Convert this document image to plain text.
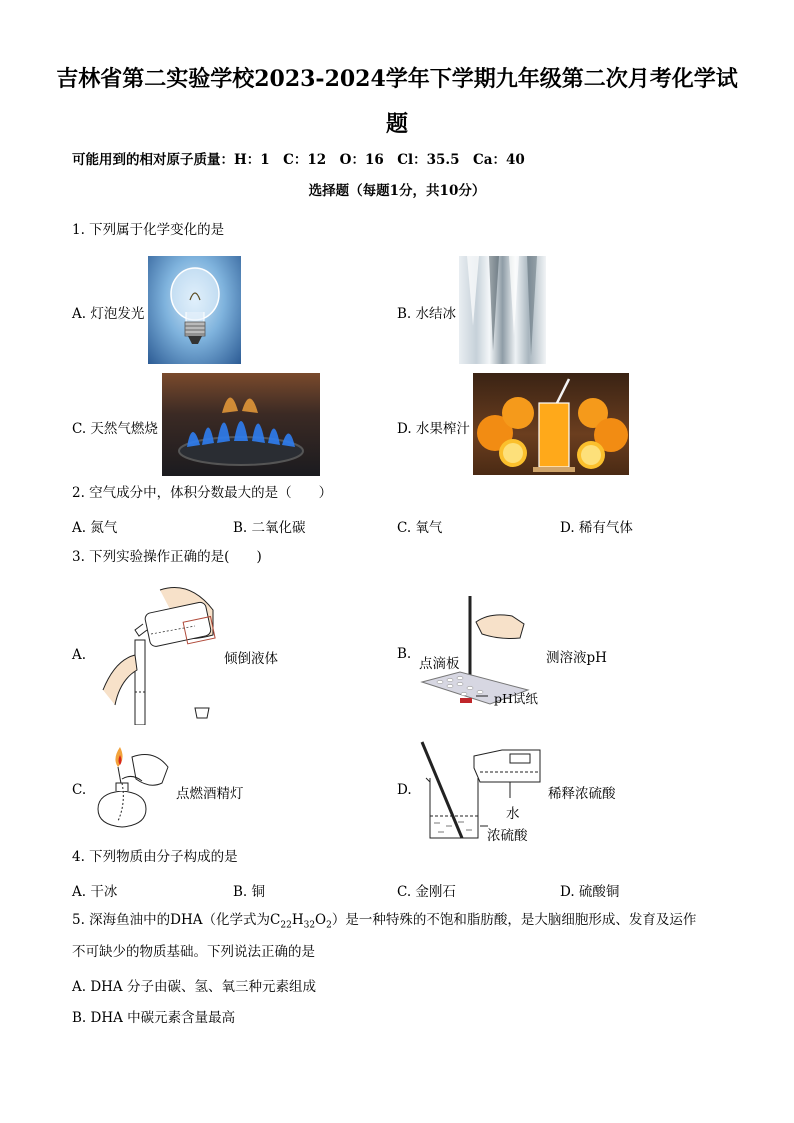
吉林省第二实验学校2023-2024学年下学期九年级第二次月考化学试
题
可能用到的相对原子质量：H：1　C：12　O：16　Cl：35.5　Ca：40
选择题（每题1分，共10分）
1. 下列属于化学变化的是
A. 灯泡发光	B. 水结冰
C. 天然气燃烧	D. 水果榨汁
2. 空气成分中，体积分数最大的是（　　）
A. 氮气	B. 二氧化碳	C. 氧气	D. 稀有气体
3. 下列实验操作正确的是(　　)
A.	倾倒液体	B.
点滴板	测溶液pH
pH试纸
C.	点燃酒精灯	D.	稀释浓硫酸
水
浓硫酸
4. 下列物质由分子构成的是
A. 干冰	B. 铜	C. 金刚石	D. 硫酸铜
5. 深海鱼油中的DHA（化学式为$C_{22}H_{32}O_2$）是一种特殊的不饱和脂肪酸，是大脑细胞形成、发育及运作
不可缺少的物质基础。下列说法正确的是
A. DHA 分子由碳、氢、氧三种元素组成
B. DHA 中碳元素含量最高
